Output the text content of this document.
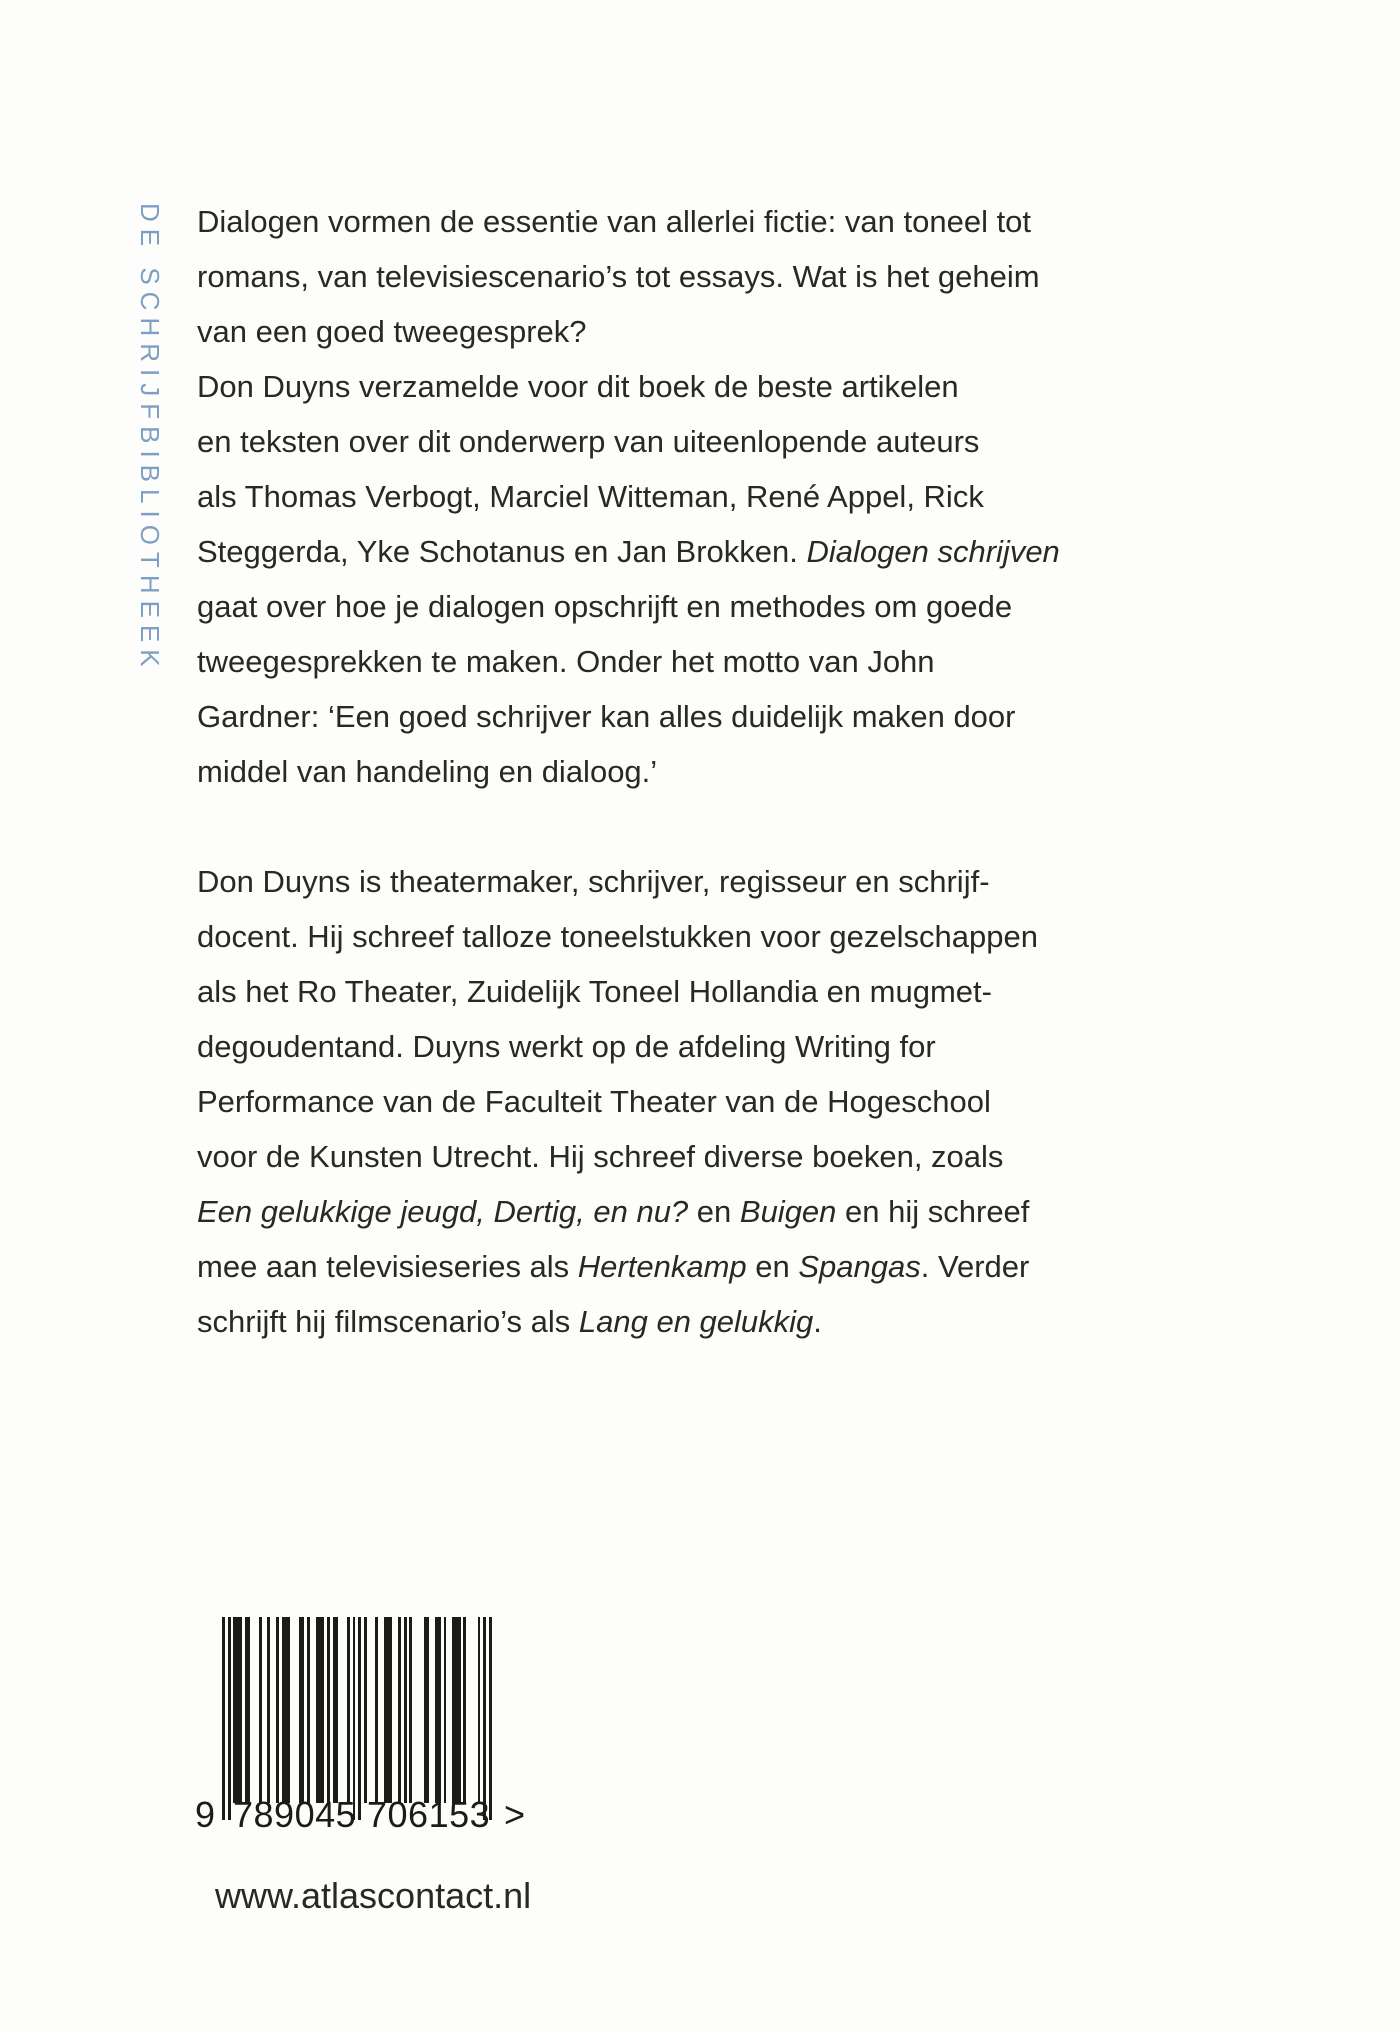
DE SCHRIJFBIBLIOTHEEK Dialogen vormen de essentie van allerlei fictie: van toneel tot
romans, van televisiescenario’s tot essays. Wat is het geheim
van een goed tweegesprek?
Don Duyns verzamelde voor dit boek de beste artikelen
en teksten over dit onderwerp van uiteenlopende auteurs
als Thomas Verbogt, Marciel Witteman, René Appel, Rick
Steggerda, Yke Schotanus en Jan Brokken. Dialogen schrijven
gaat over hoe je dialogen opschrijft en methodes om goede
tweegesprekken te maken. Onder het motto van John
Gardner: ‘Een goed schrijver kan alles duidelijk maken door
middel van handeling en dialoog.’
Don Duyns is theatermaker, schrijver, regisseur en schrijf-
docent. Hij schreef talloze toneelstukken voor gezelschappen
als het Ro Theater, Zuidelijk Toneel Hollandia en mugmet-
degoudentand. Duyns werkt op de afdeling Writing for
Performance van de Faculteit Theater van de Hogeschool
voor de Kunsten Utrecht. Hij schreef diverse boeken, zoals
Een gelukkige jeugd, Dertig, en nu? en Buigen en hij schreef
mee aan televisieseries als Hertenkamp en Spangas. Verder
schrijft hij filmscenario’s als Lang en gelukkig.
9 789045 706153 >
www.atlascontact.nl
